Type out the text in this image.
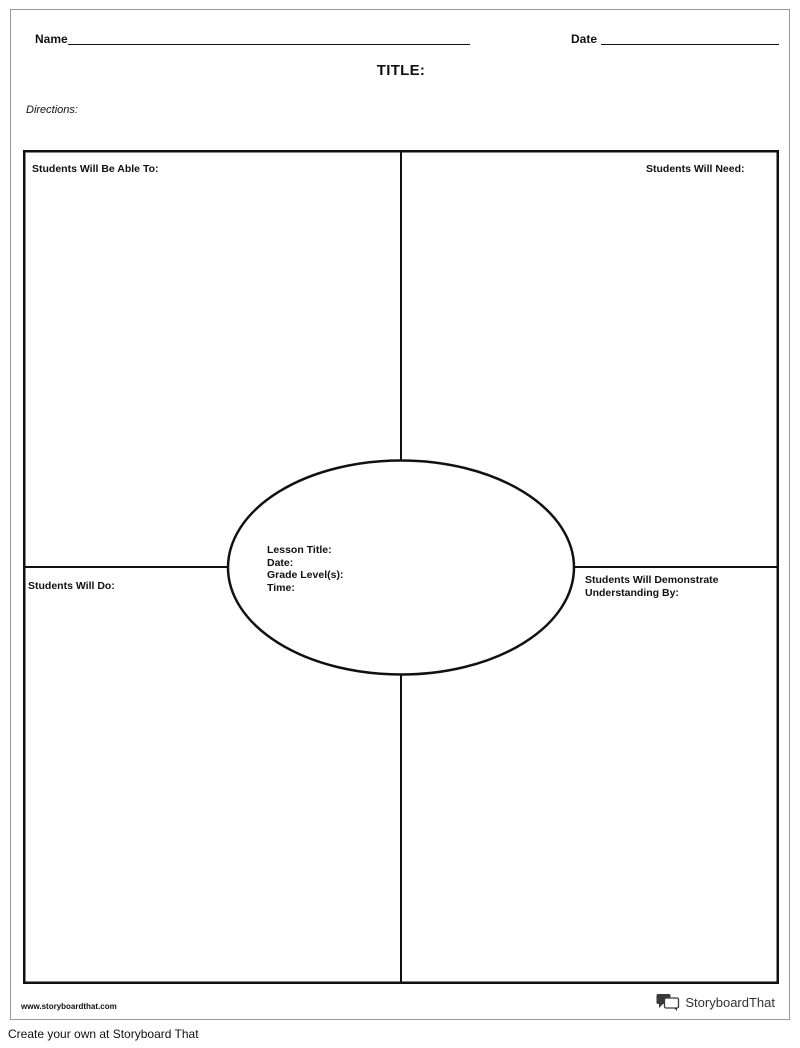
Name	Date
TITLE:
Directions:
Students Will Be Able To:	Students Will Need:
Students Will Do:	Students Will Demonstrate
Understanding By:
Lesson Title:
Date:
Grade Level(s):
Time:
www.storyboardthat.com	StoryboardThat
Create your own at Storyboard That
